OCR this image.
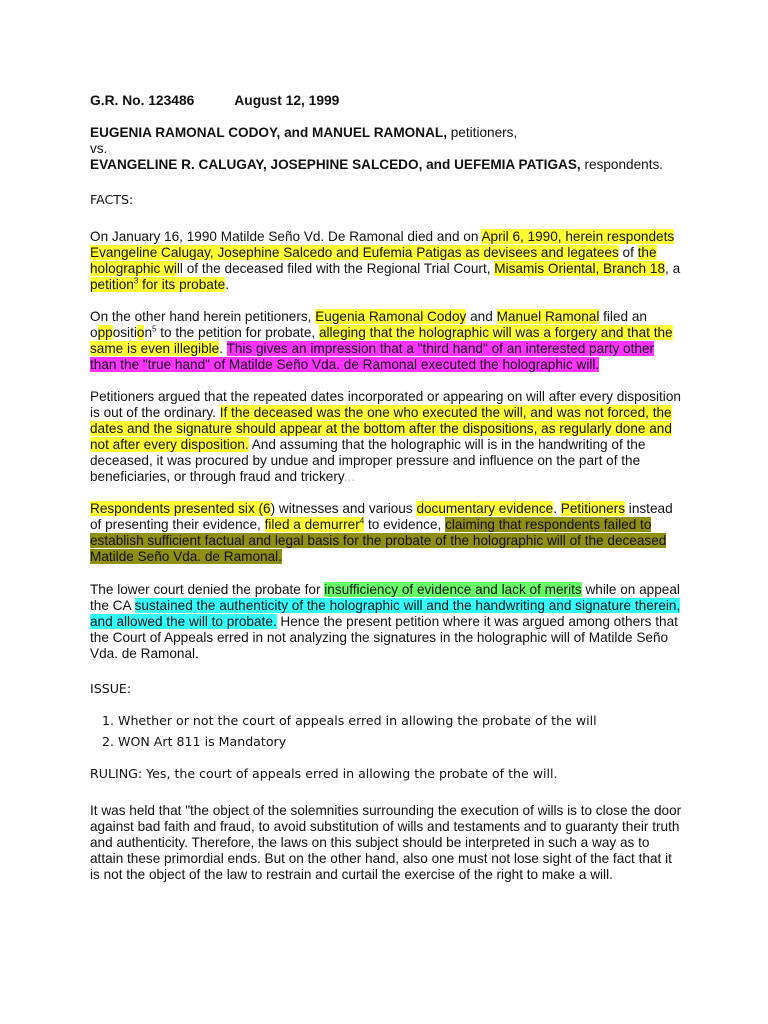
G.R. No. 123486	August 12, 1999

EUGENIA RAMONAL CODOY, and MANUEL RAMONAL, petitioners,

vs.

EVANGELINE R. CALUGAY, JOSEPHINE SALCEDO, and UEFEMIA PATIGAS, respondents.

FACTS:

On January 16, 1990 Matilde Seño Vd. De Ramonal died and on April 6, 1990, herein respondets Evangeline Calugay, Josephine Salcedo and Eufemia Patigas as devisees and legatees of the holographic will of the deceased filed with the Regional Trial Court, Misamis Oriental, Branch 18, a petition$^3$ for its probate.

On the other hand herein petitioners, Eugenia Ramonal Codoy and Manuel Ramonal filed an opposition$^5$ to the petition for probate, alleging that the holographic will was a forgery and that the same is even illegible. This gives an impression that a "third hand" of an interested party other than the "true hand" of Matilde Seño Vda. de Ramonal executed the holographic will.

Petitioners argued that the repeated dates incorporated or appearing on will after every disposition is out of the ordinary. If the deceased was the one who executed the will, and was not forced, the dates and the signature should appear at the bottom after the dispositions, as regularly done and not after every disposition. And assuming that the holographic will is in the handwriting of the deceased, it was procured by undue and improper pressure and influence on the part of the beneficiaries, or through fraud and trickery...

Respondents presented six (6) witnesses and various documentary evidence. Petitioners instead of presenting their evidence, filed a demurrer$^4$ to evidence, claiming that respondents failed to establish sufficient factual and legal basis for the probate of the holographic will of the deceased Matilde Seño Vda. de Ramonal.

The lower court denied the probate for insufficiency of evidence and lack of merits while on appeal the CA sustained the authenticity of the holographic will and the handwriting and signature therein, and allowed the will to probate. Hence the present petition where it was argued among others that the Court of Appeals erred in not analyzing the signatures in the holographic will of Matilde Seño Vda. de Ramonal.

ISSUE:

1. Whether or not the court of appeals erred in allowing the probate of the will
2. WON Art 811 is Mandatory

RULING: Yes, the court of appeals erred in allowing the probate of the will.

It was held that "the object of the solemnities surrounding the execution of wills is to close the door against bad faith and fraud, to avoid substitution of wills and testaments and to guaranty their truth and authenticity. Therefore, the laws on this subject should be interpreted in such a way as to attain these primordial ends. But on the other hand, also one must not lose sight of the fact that it is not the object of the law to restrain and curtail the exercise of the right to make a will.
